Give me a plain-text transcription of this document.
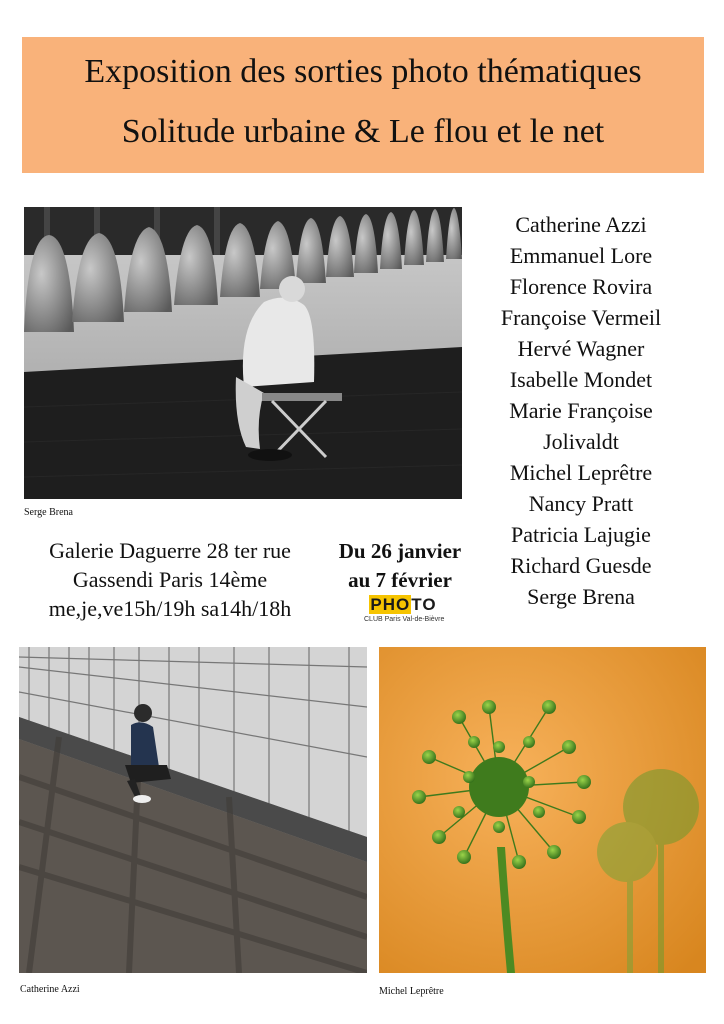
Exposition des sorties photo thématiques
Solitude urbaine & Le flou et le net
Serge Brena
Catherine Azzi
Emmanuel Lore
Florence Rovira
Françoise Vermeil
Hervé Wagner
Isabelle Mondet
Marie Françoise
Jolivaldt
Michel Leprêtre
Nancy Pratt
Patricia Lajugie
Richard Guesde
Serge Brena
Galerie Daguerre 28 ter rue
Gassendi Paris 14ème
me,je,ve15h/19h sa14h/18h
Du 26 janvier
au 7 février
PHOTO
CLUB Paris Val-de-Bièvre
Catherine Azzi	Michel Leprêtre
